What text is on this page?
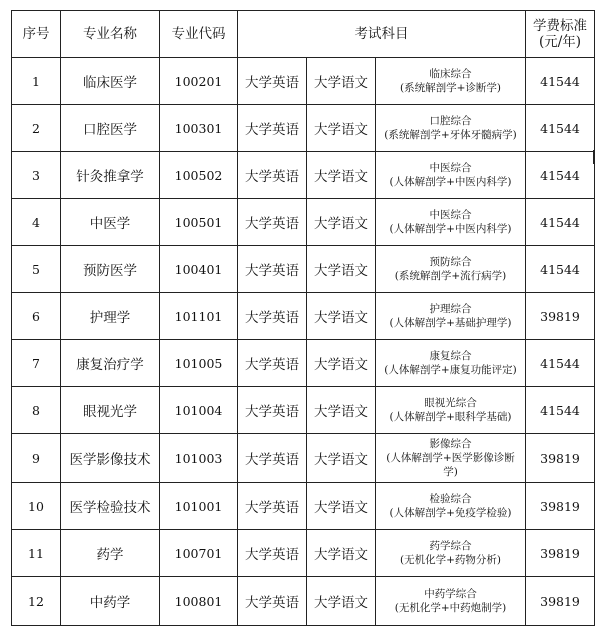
序号	专业名称	专业代码	考试科目			学费标准
(元/年)

1	临床医学	100201	大学英语	大学语文	临床综合
(系统解剖学+诊断学)	41544
2	口腔医学	100301	大学英语	大学语文	口腔综合
(系统解剖学+牙体牙髓病学)	41544
3	针灸推拿学	100502	大学英语	大学语文	中医综合
(人体解剖学+中医内科学)	41544
4	中医学	100501	大学英语	大学语文	中医综合
(人体解剖学+中医内科学)	41544
5	预防医学	100401	大学英语	大学语文	预防综合
(系统解剖学+流行病学)	41544
6	护理学	101101	大学英语	大学语文	护理综合
(人体解剖学+基础护理学)	39819
7	康复治疗学	101005	大学英语	大学语文	康复综合
(人体解剖学+康复功能评定)	41544
8	眼视光学	101004	大学英语	大学语文	眼视光综合
(人体解剖学+眼科学基础)	41544
9	医学影像技术	101003	大学英语	大学语文	影像综合
(人体解剖学+医学影像诊断
学)	39819
10	医学检验技术	101001	大学英语	大学语文	检验综合
(人体解剖学+免疫学检验)	39819
11	药学	100701	大学英语	大学语文	药学综合
(无机化学+药物分析)	39819
12	中药学	100801	大学英语	大学语文	中药学综合
(无机化学+中药炮制学)	39819
